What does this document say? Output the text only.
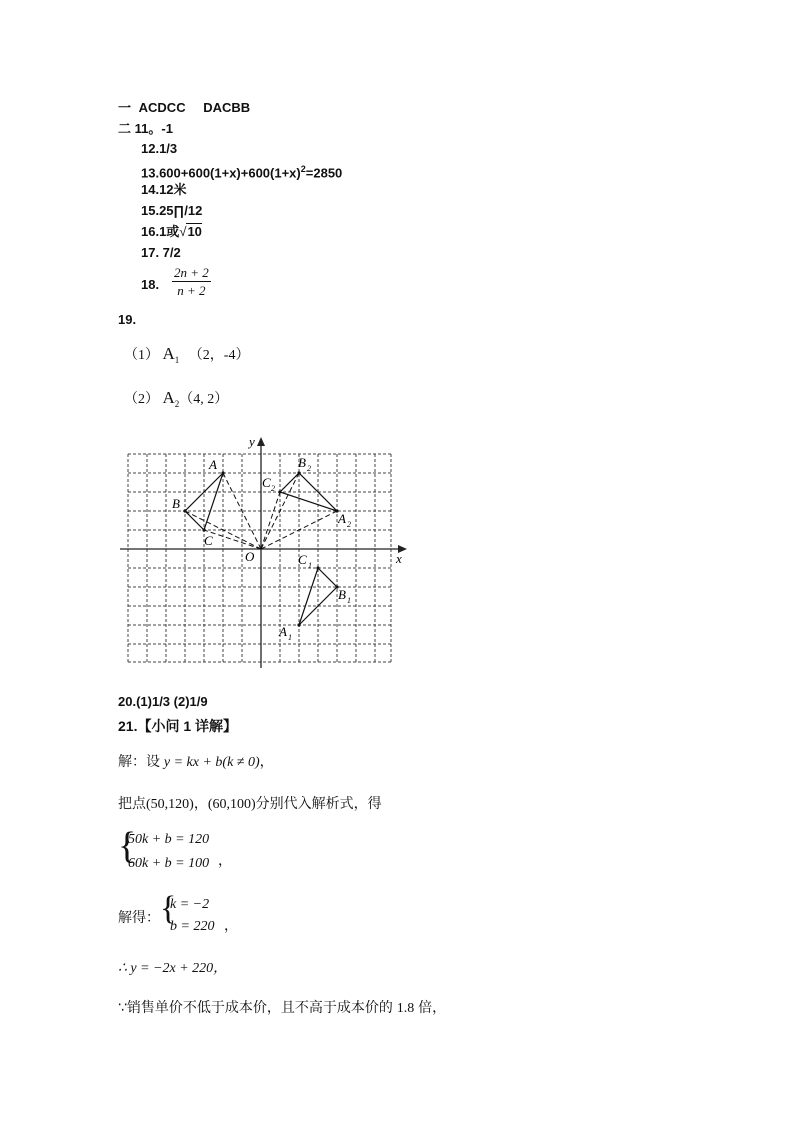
一 ACDCC DACBB
二 11。-1
12.1/3
$13.600+600(1+x)+600(1+x)^2=2850$
14.12米
15.25∏/12
16.1或√10
17. 7/2
18. $\frac{2n + 2}{n + 2}$
19.
（1） $A_1$ （2，-4）
（2） $A_2(4$, 2）
x
y
O
A
B
C
C 1
B 1
A 1
B 2
C 2
A 2
20.(1)1/3 (2)1/9
21.【小问 1 详解】
解：设 y = kx + b(k ≠ 0)，
把点(50,120)，(60,100)分别代入解析式，得
{
50k + b = 120
60k + b = 100 ，
解得： {
k = −2
b = 220 ，
∴ y = −2x + 220，
∵销售单价不低于成本价，且不高于成本价的 1.8 倍，
